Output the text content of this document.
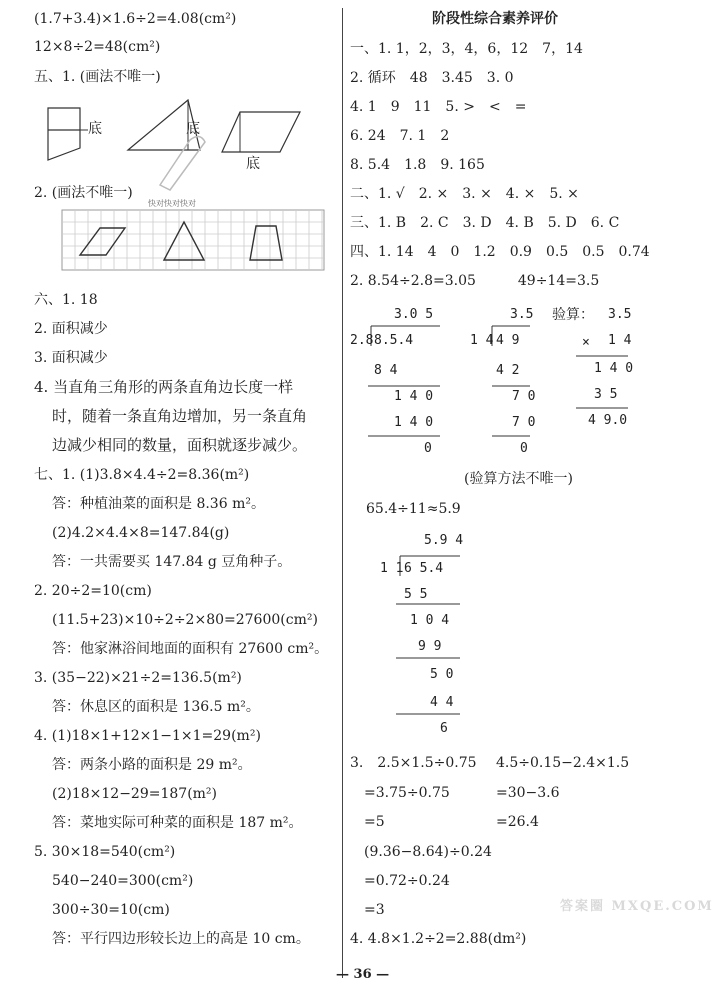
(1.7+3.4)×1.6÷2=4.08(cm²)
12×8÷2=48(cm²)
五、1. (画法不唯一)
底	底
底
2. (画法不唯一)
快对快对快对
六、1. 18
2. 面积减少
3. 面积减少
4. 当直角三角形的两条直角边长度一样
时，随着一条直角边增加，另一条直角
边减少相同的数量，面积就逐步减少。
七、1. (1)3.8×4.4÷2=8.36(m²)
答：种植油菜的面积是 8.36 m²。
(2)4.2×4.4×8=147.84(g)
答：一共需要买 147.84 g 豆角种子。
2. 20÷2=10(cm)
(11.5+23)×10÷2÷2×80=27600(cm²)
答：他家淋浴间地面的面积有 27600 cm²。
3. (35−22)×21÷2=136.5(m²)
答：休息区的面积是 136.5 m²。
4. (1)18×1+12×1−1×1=29(m²)
答：两条小路的面积是 29 m²。
(2)18×12−29=187(m²)
答：菜地实际可种菜的面积是 187 m²。
5. 30×18=540(cm²)
540−240=300(cm²)
300÷30=10(cm)
答：平行四边形较长边上的高是 10 cm。
阶段性综合素养评价
一、1. 1，2，3，4，6，12　7，14
2. 循环　48　3.45　3. 0
4. 1　9　11　5. >　<　=
6. 24　7. 1　2
8. 5.4　1.8　9. 165
二、1. √　2. ×　3. ×　4. ×　5. ×
三、1. B　2. C　3. D　4. B　5. D　6. C
四、1. 14　4　0　1.2　0.9　0.5　0.5　0.74
2. 8.54÷2.8=3.05　　　49÷14=3.5
3.0 5
2.8 8.5.4
8 4
1 4 0
1 4 0
0
3.5
1 4 4 9
4 2
7 0
7 0
0
验算： 3.5
× 1 4
1 4 0
3 5
4 9.0
(验算方法不唯一)
65.4÷11≈5.9
5.9 4
1 1 6 5.4
5 5
1 0 4
9 9
5 0
4 4
6
3.　2.5×1.5÷0.75 4.5÷0.15−2.4×1.5
=3.75÷0.75	=30−3.6
=5	=26.4
(9.36−8.64)÷0.24
=0.72÷0.24
=3
4. 4.8×1.2÷2=2.88(dm²)
— 36 —
答案圈 MXQE.COM
